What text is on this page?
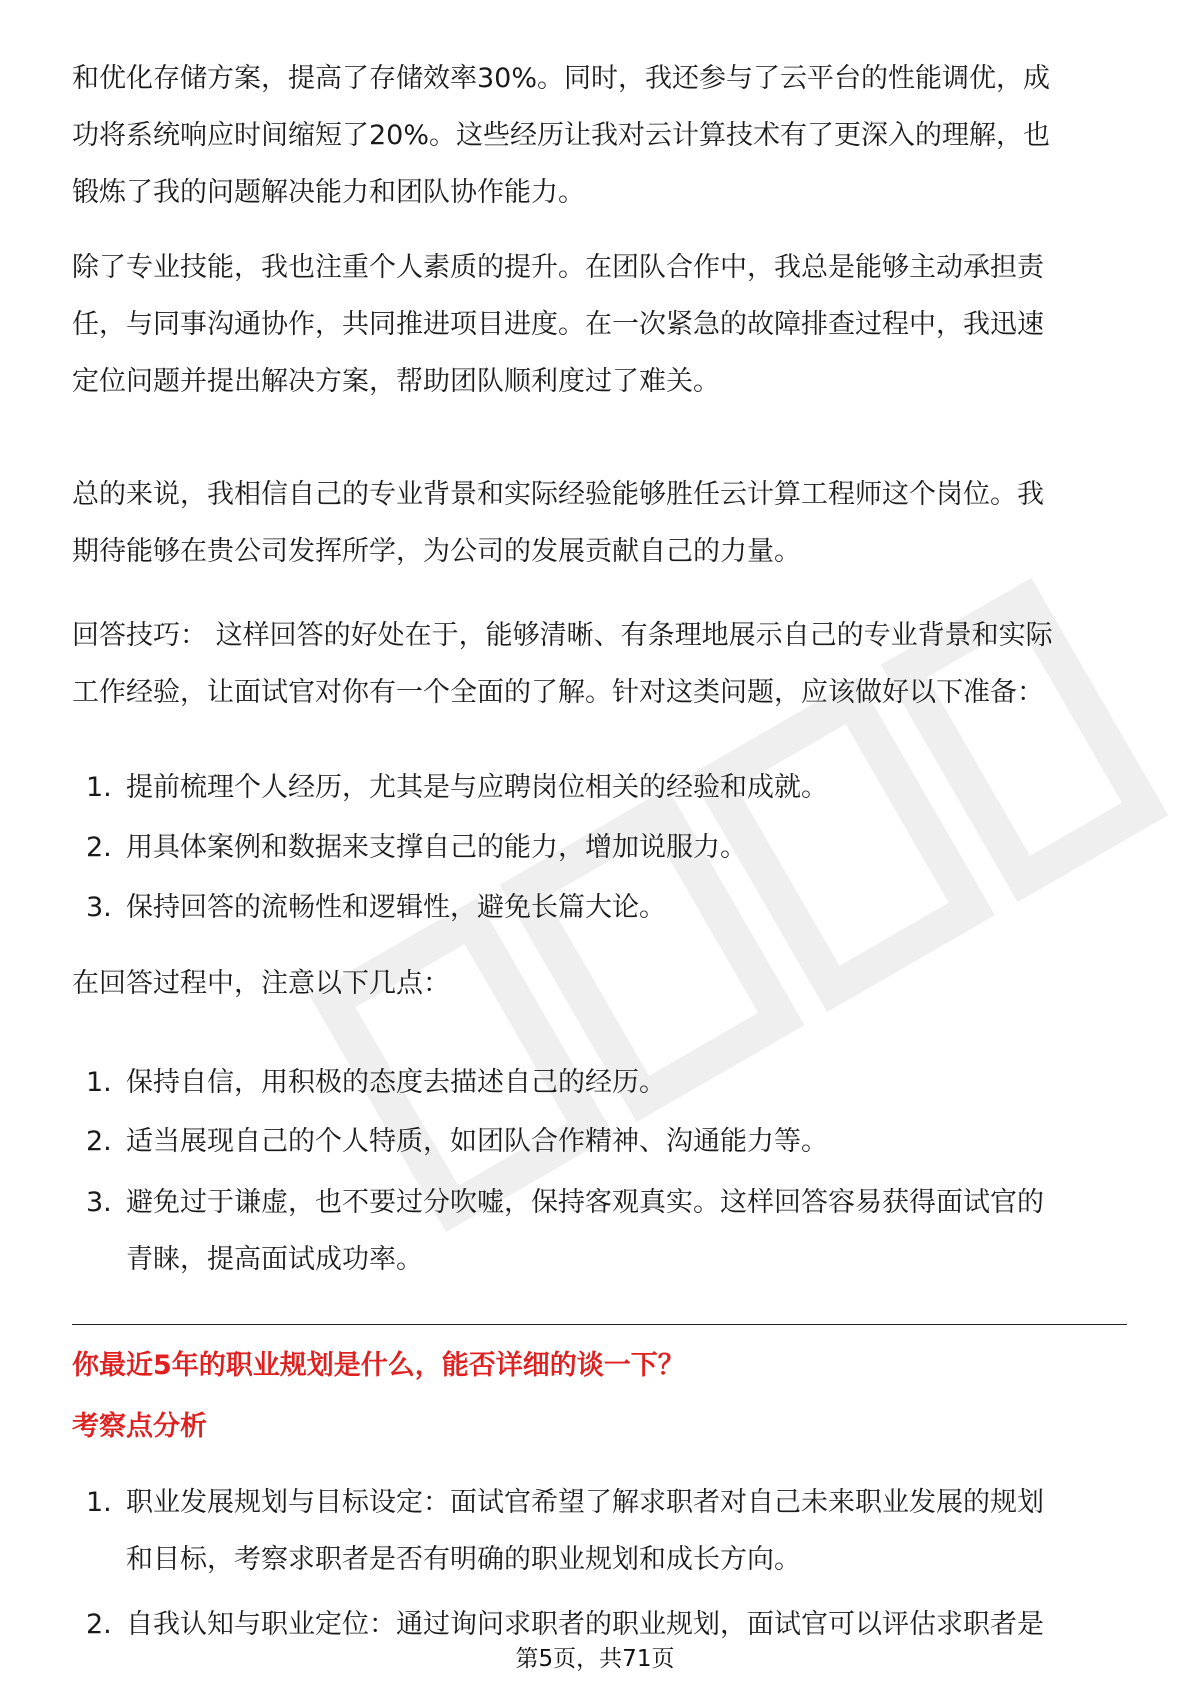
和优化存储方案，提高了存储效率30%。同时，我还参与了云平台的性能调优，成
功将系统响应时间缩短了20%。这些经历让我对云计算技术有了更深入的理解，也
锻炼了我的问题解决能力和团队协作能力。
除了专业技能，我也注重个人素质的提升。在团队合作中，我总是能够主动承担责
任，与同事沟通协作，共同推进项目进度。在一次紧急的故障排查过程中，我迅速
定位问题并提出解决方案，帮助团队顺利度过了难关。
总的来说，我相信自己的专业背景和实际经验能够胜任云计算工程师这个岗位。我
期待能够在贵公司发挥所学，为公司的发展贡献自己的力量。
回答技巧： 这样回答的好处在于，能够清晰、有条理地展示自己的专业背景和实际
工作经验，让面试官对你有一个全面的了解。针对这类问题，应该做好以下准备：
1. 提前梳理个人经历，尤其是与应聘岗位相关的经验和成就。
2. 用具体案例和数据来支撑自己的能力，增加说服力。
3. 保持回答的流畅性和逻辑性，避免长篇大论。
在回答过程中，注意以下几点：
1. 保持自信，用积极的态度去描述自己的经历。
2. 适当展现自己的个人特质，如团队合作精神、沟通能力等。
3. 避免过于谦虚，也不要过分吹嘘，保持客观真实。这样回答容易获得面试官的
青睐，提高面试成功率。
你最近5年的职业规划是什么，能否详细的谈一下？
考察点分析
1. 职业发展规划与目标设定：面试官希望了解求职者对自己未来职业发展的规划
和目标，考察求职者是否有明确的职业规划和成长方向。
2. 自我认知与职业定位：通过询问求职者的职业规划，面试官可以评估求职者是
第5页，共71页
